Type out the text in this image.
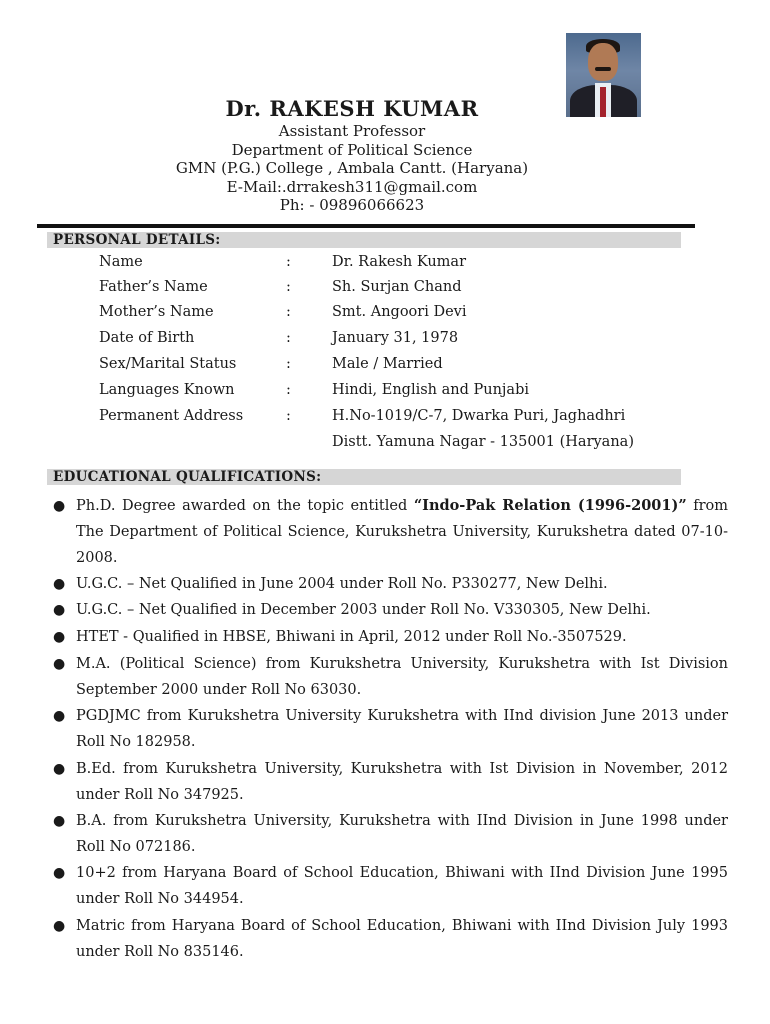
Dr. RAKESH KUMAR
Assistant Professor
Department of Political Science
GMN (P.G.) College , Ambala Cantt. (Haryana)
E-Mail:.drrakesh311@gmail.com
Ph: - 09896066623
PERSONAL DETAILS:
Name	:	Dr. Rakesh Kumar
Father’s Name	:	Sh. Surjan Chand
Mother’s Name	:	Smt. Angoori Devi
Date of Birth	:	January 31, 1978
Sex/Marital Status	:	Male / Married
Languages Known	:	Hindi, English and Punjabi
Permanent Address	:	H.No-1019/C-7, Dwarka Puri, Jaghadhri
Distt. Yamuna Nagar - 135001 (Haryana)
EDUCATIONAL QUALIFICATIONS:
● Ph.D. Degree awarded on the topic entitled “Indo-Pak Relation (1996-2001)” from The Department of Political Science, Kurukshetra University, Kurukshetra dated 07-10-2008.
● U.G.C. – Net Qualified in June 2004 under Roll No. P330277, New Delhi.
● U.G.C. – Net Qualified in December 2003 under Roll No. V330305, New Delhi.
● HTET - Qualified in HBSE, Bhiwani in April, 2012 under Roll No.-3507529.
● M.A. (Political Science) from Kurukshetra University, Kurukshetra with Ist Division September 2000 under Roll No 63030.
● PGDJMC from Kurukshetra University Kurukshetra with IInd division June 2013 under Roll No 182958.
● B.Ed. from Kurukshetra University, Kurukshetra with Ist Division in November, 2012 under Roll No 347925.
● B.A. from Kurukshetra University, Kurukshetra with IInd Division in June 1998 under Roll No 072186.
● 10+2 from Haryana Board of School Education, Bhiwani with IInd Division June 1995 under Roll No 344954.
● Matric from Haryana Board of School Education, Bhiwani with IInd Division July 1993 under Roll No 835146.
